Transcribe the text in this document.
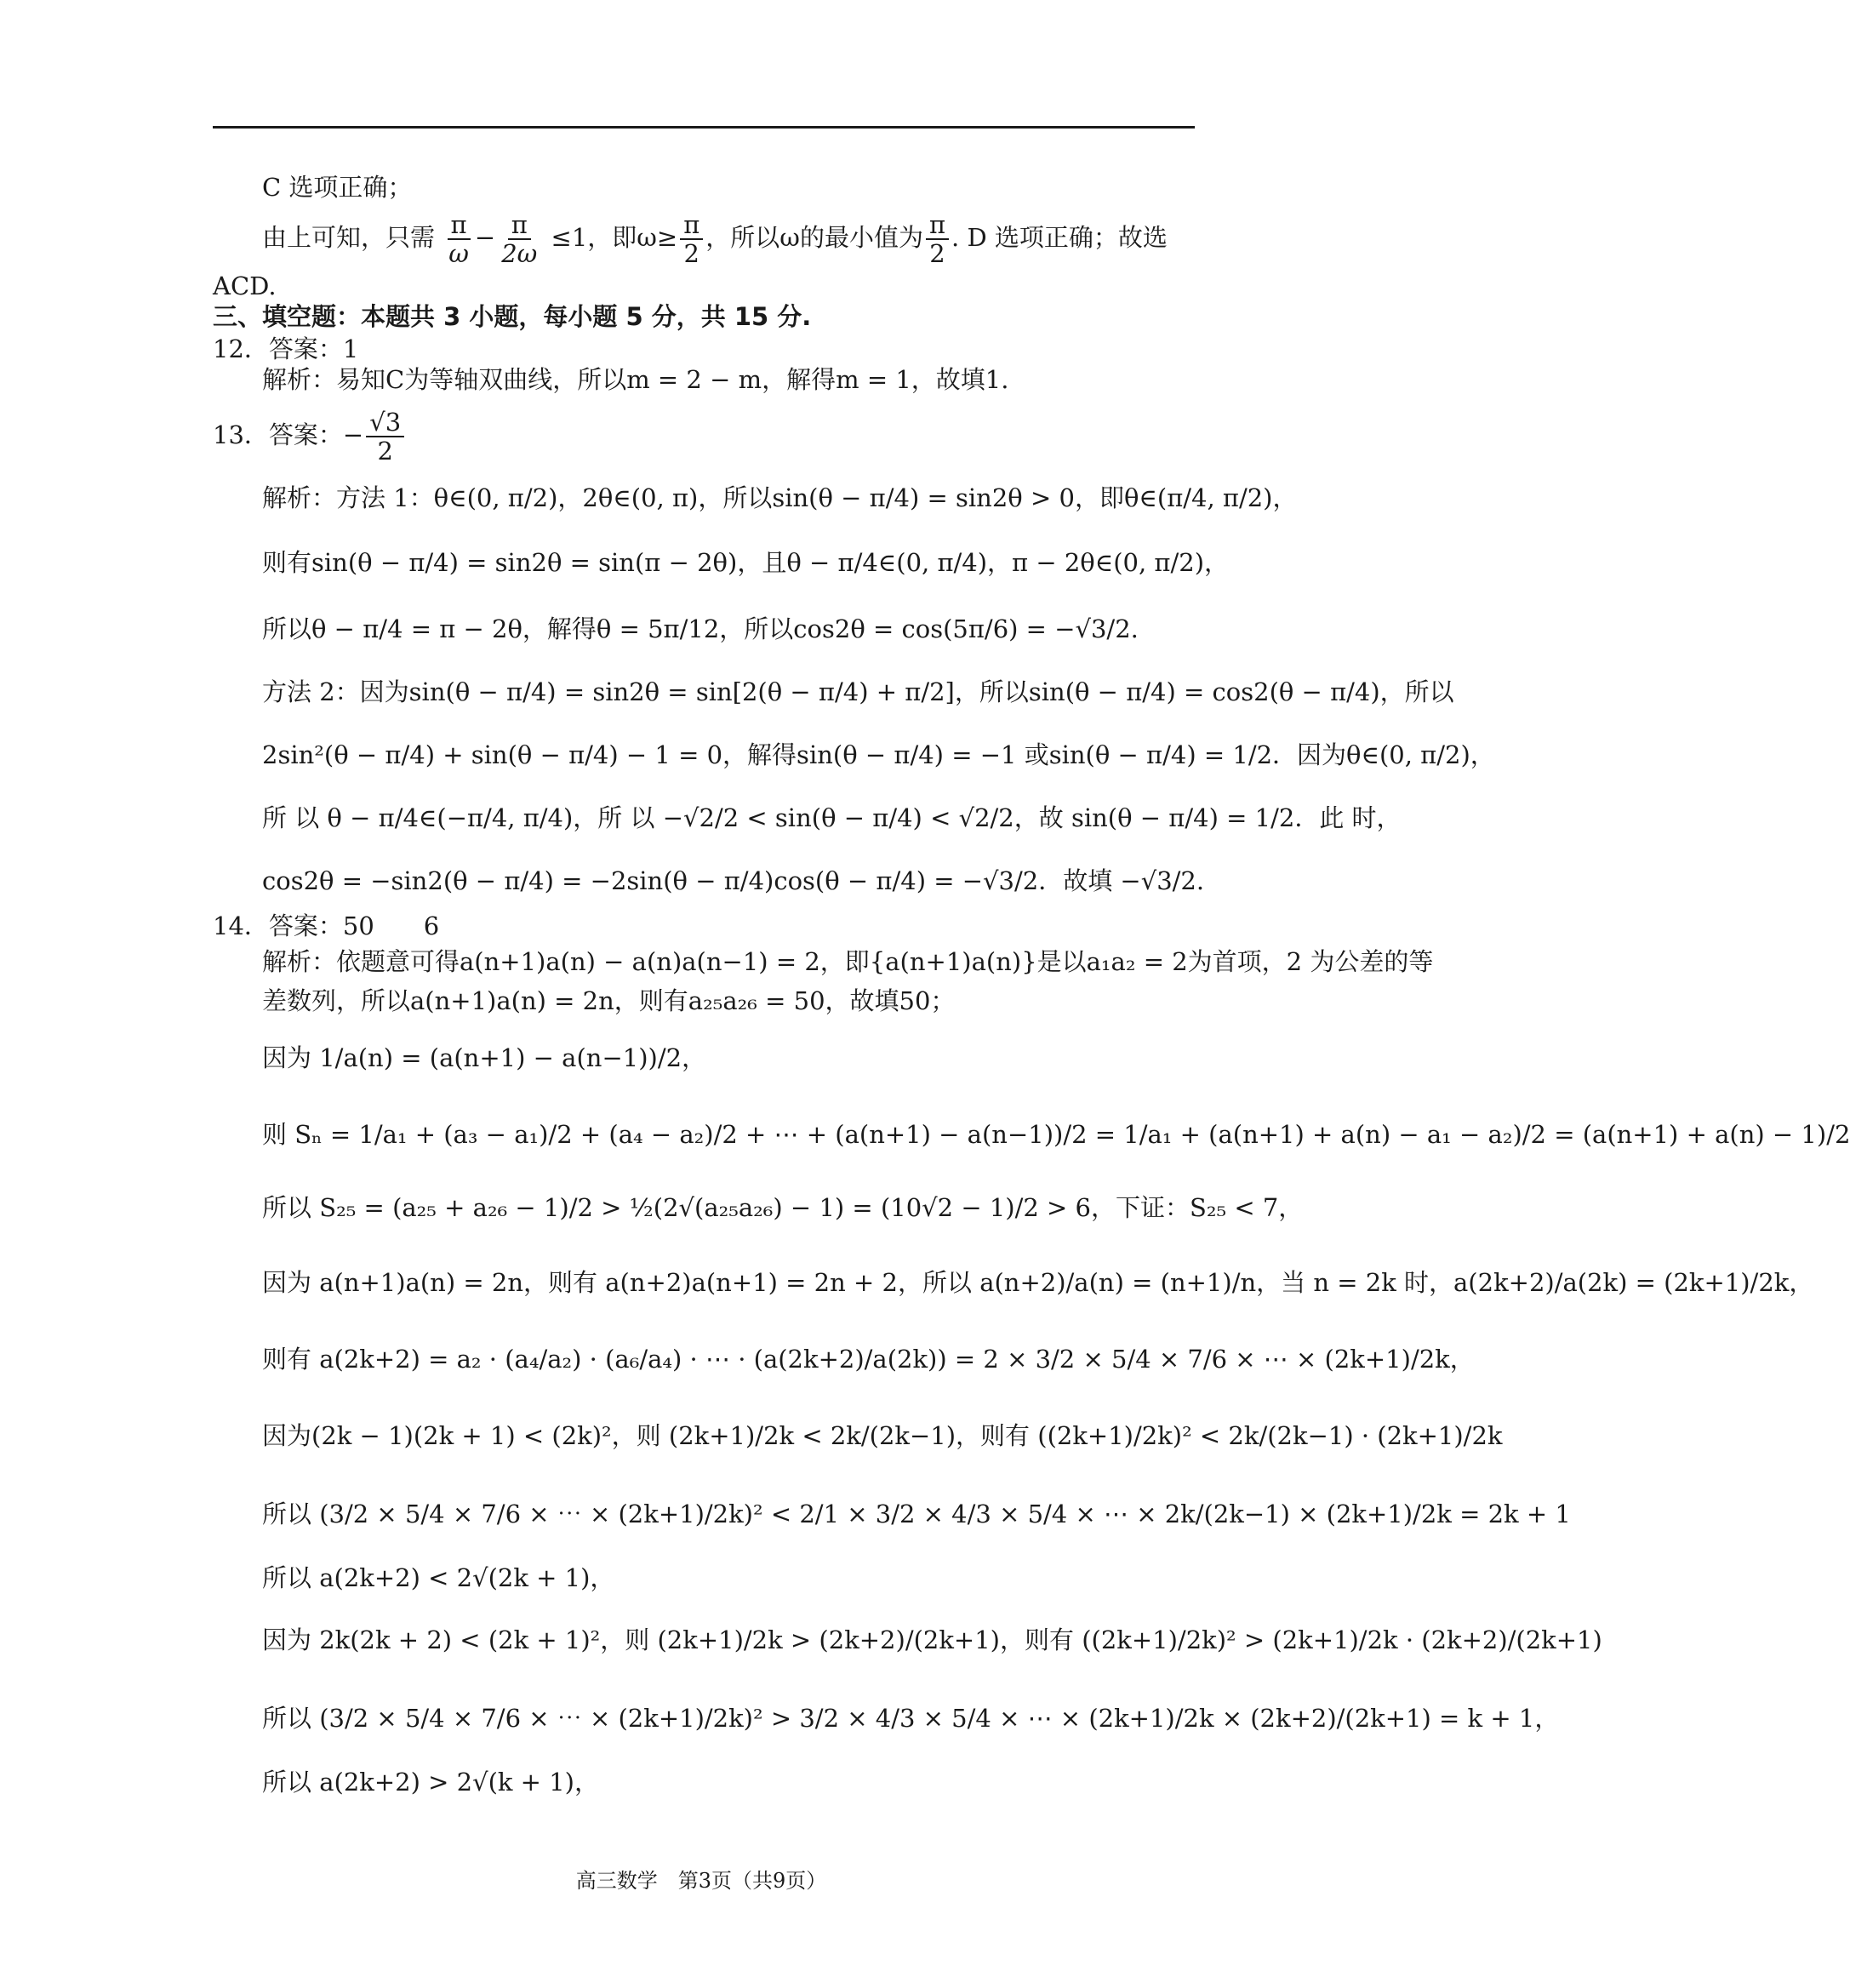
C 选项正确；
由上可知，只需 $\frac{\pi}{\omega} - \frac{\pi}{2\omega} \le 1$，即$\omega\ge \frac{\pi}{2}$ ，所以ω的最小值为 $\frac{\pi}{2}$ . D 选项正确；故选
ACD.
三、填空题：本题共 3 小题，每小题 5 分，共 15 分.
12．答案：1
解析：易知C为等轴双曲线，所以m = 2 − m，解得m = 1，故填1.
13．答案：− $\frac{√3}{2}$
解析：方法 1：θ∈(0, π/2)，2θ∈(0, π)，所以sin(θ − π/4) = sin2θ > 0，即θ∈(π/4, π/2)，
则有sin(θ − π/4) = sin2θ = sin(π − 2θ)，且θ − π/4∈(0, π/4)，π − 2θ∈(0, π/2)，
所以θ − π/4 = π − 2θ，解得θ = 5π/12，所以cos2θ = cos(5π/6) = −√3/2.
方法 2：因为sin(θ − π/4) = sin2θ = sin[2(θ − π/4) + π/2]，所以sin(θ − π/4) = cos2(θ − π/4)，所以
2sin²(θ − π/4) + sin(θ − π/4) − 1 = 0，解得sin(θ − π/4) = −1 或sin(θ − π/4) = 1/2．因为θ∈(0, π/2)，
所 以 θ − π/4∈(−π/4, π/4)，所 以 −√2/2 < sin(θ − π/4) < √2/2，故 sin(θ − π/4) = 1/2．此 时，
cos2θ = −sin2(θ − π/4) = −2sin(θ − π/4)cos(θ − π/4) = −√3/2．故填 −√3/2.
14．答案：50　　6
解析：依题意可得a(n+1)a(n) − a(n)a(n−1) = 2，即{a(n+1)a(n)}是以a₁a₂ = 2为首项，2 为公差的等
差数列，所以a(n+1)a(n) = 2n，则有a₂₅a₂₆ = 50，故填50；
因为 1/a(n) = (a(n+1) − a(n−1))/2，
则 Sₙ = 1/a₁ + (a₃ − a₁)/2 + (a₄ − a₂)/2 + ⋯ + (a(n+1) − a(n−1))/2 = 1/a₁ + (a(n+1) + a(n) − a₁ − a₂)/2 = (a(n+1) + a(n) − 1)/2
所以 S₂₅ = (a₂₅ + a₂₆ − 1)/2 > ½(2√(a₂₅a₂₆) − 1) = (10√2 − 1)/2 > 6，下证：S₂₅ < 7，
因为 a(n+1)a(n) = 2n，则有 a(n+2)a(n+1) = 2n + 2，所以 a(n+2)/a(n) = (n+1)/n，当 n = 2k 时，a(2k+2)/a(2k) = (2k+1)/2k，
则有 a(2k+2) = a₂ · (a₄/a₂) · (a₆/a₄) · ⋯ · (a(2k+2)/a(2k)) = 2 × 3/2 × 5/4 × 7/6 × ⋯ × (2k+1)/2k，
因为(2k − 1)(2k + 1) < (2k)²，则 (2k+1)/2k < 2k/(2k−1)，则有 ((2k+1)/2k)² < 2k/(2k−1) · (2k+1)/2k
所以 (3/2 × 5/4 × 7/6 × ⋯ × (2k+1)/2k)² < 2/1 × 3/2 × 4/3 × 5/4 × ⋯ × 2k/(2k−1) × (2k+1)/2k = 2k + 1
所以 a(2k+2) < 2√(2k + 1)，
因为 2k(2k + 2) < (2k + 1)²，则 (2k+1)/2k > (2k+2)/(2k+1)，则有 ((2k+1)/2k)² > (2k+1)/2k · (2k+2)/(2k+1)
所以 (3/2 × 5/4 × 7/6 × ⋯ × (2k+1)/2k)² > 3/2 × 4/3 × 5/4 × ⋯ × (2k+1)/2k × (2k+2)/(2k+1) = k + 1，
所以 a(2k+2) > 2√(k + 1)，
高三数学　第3页（共9页）
